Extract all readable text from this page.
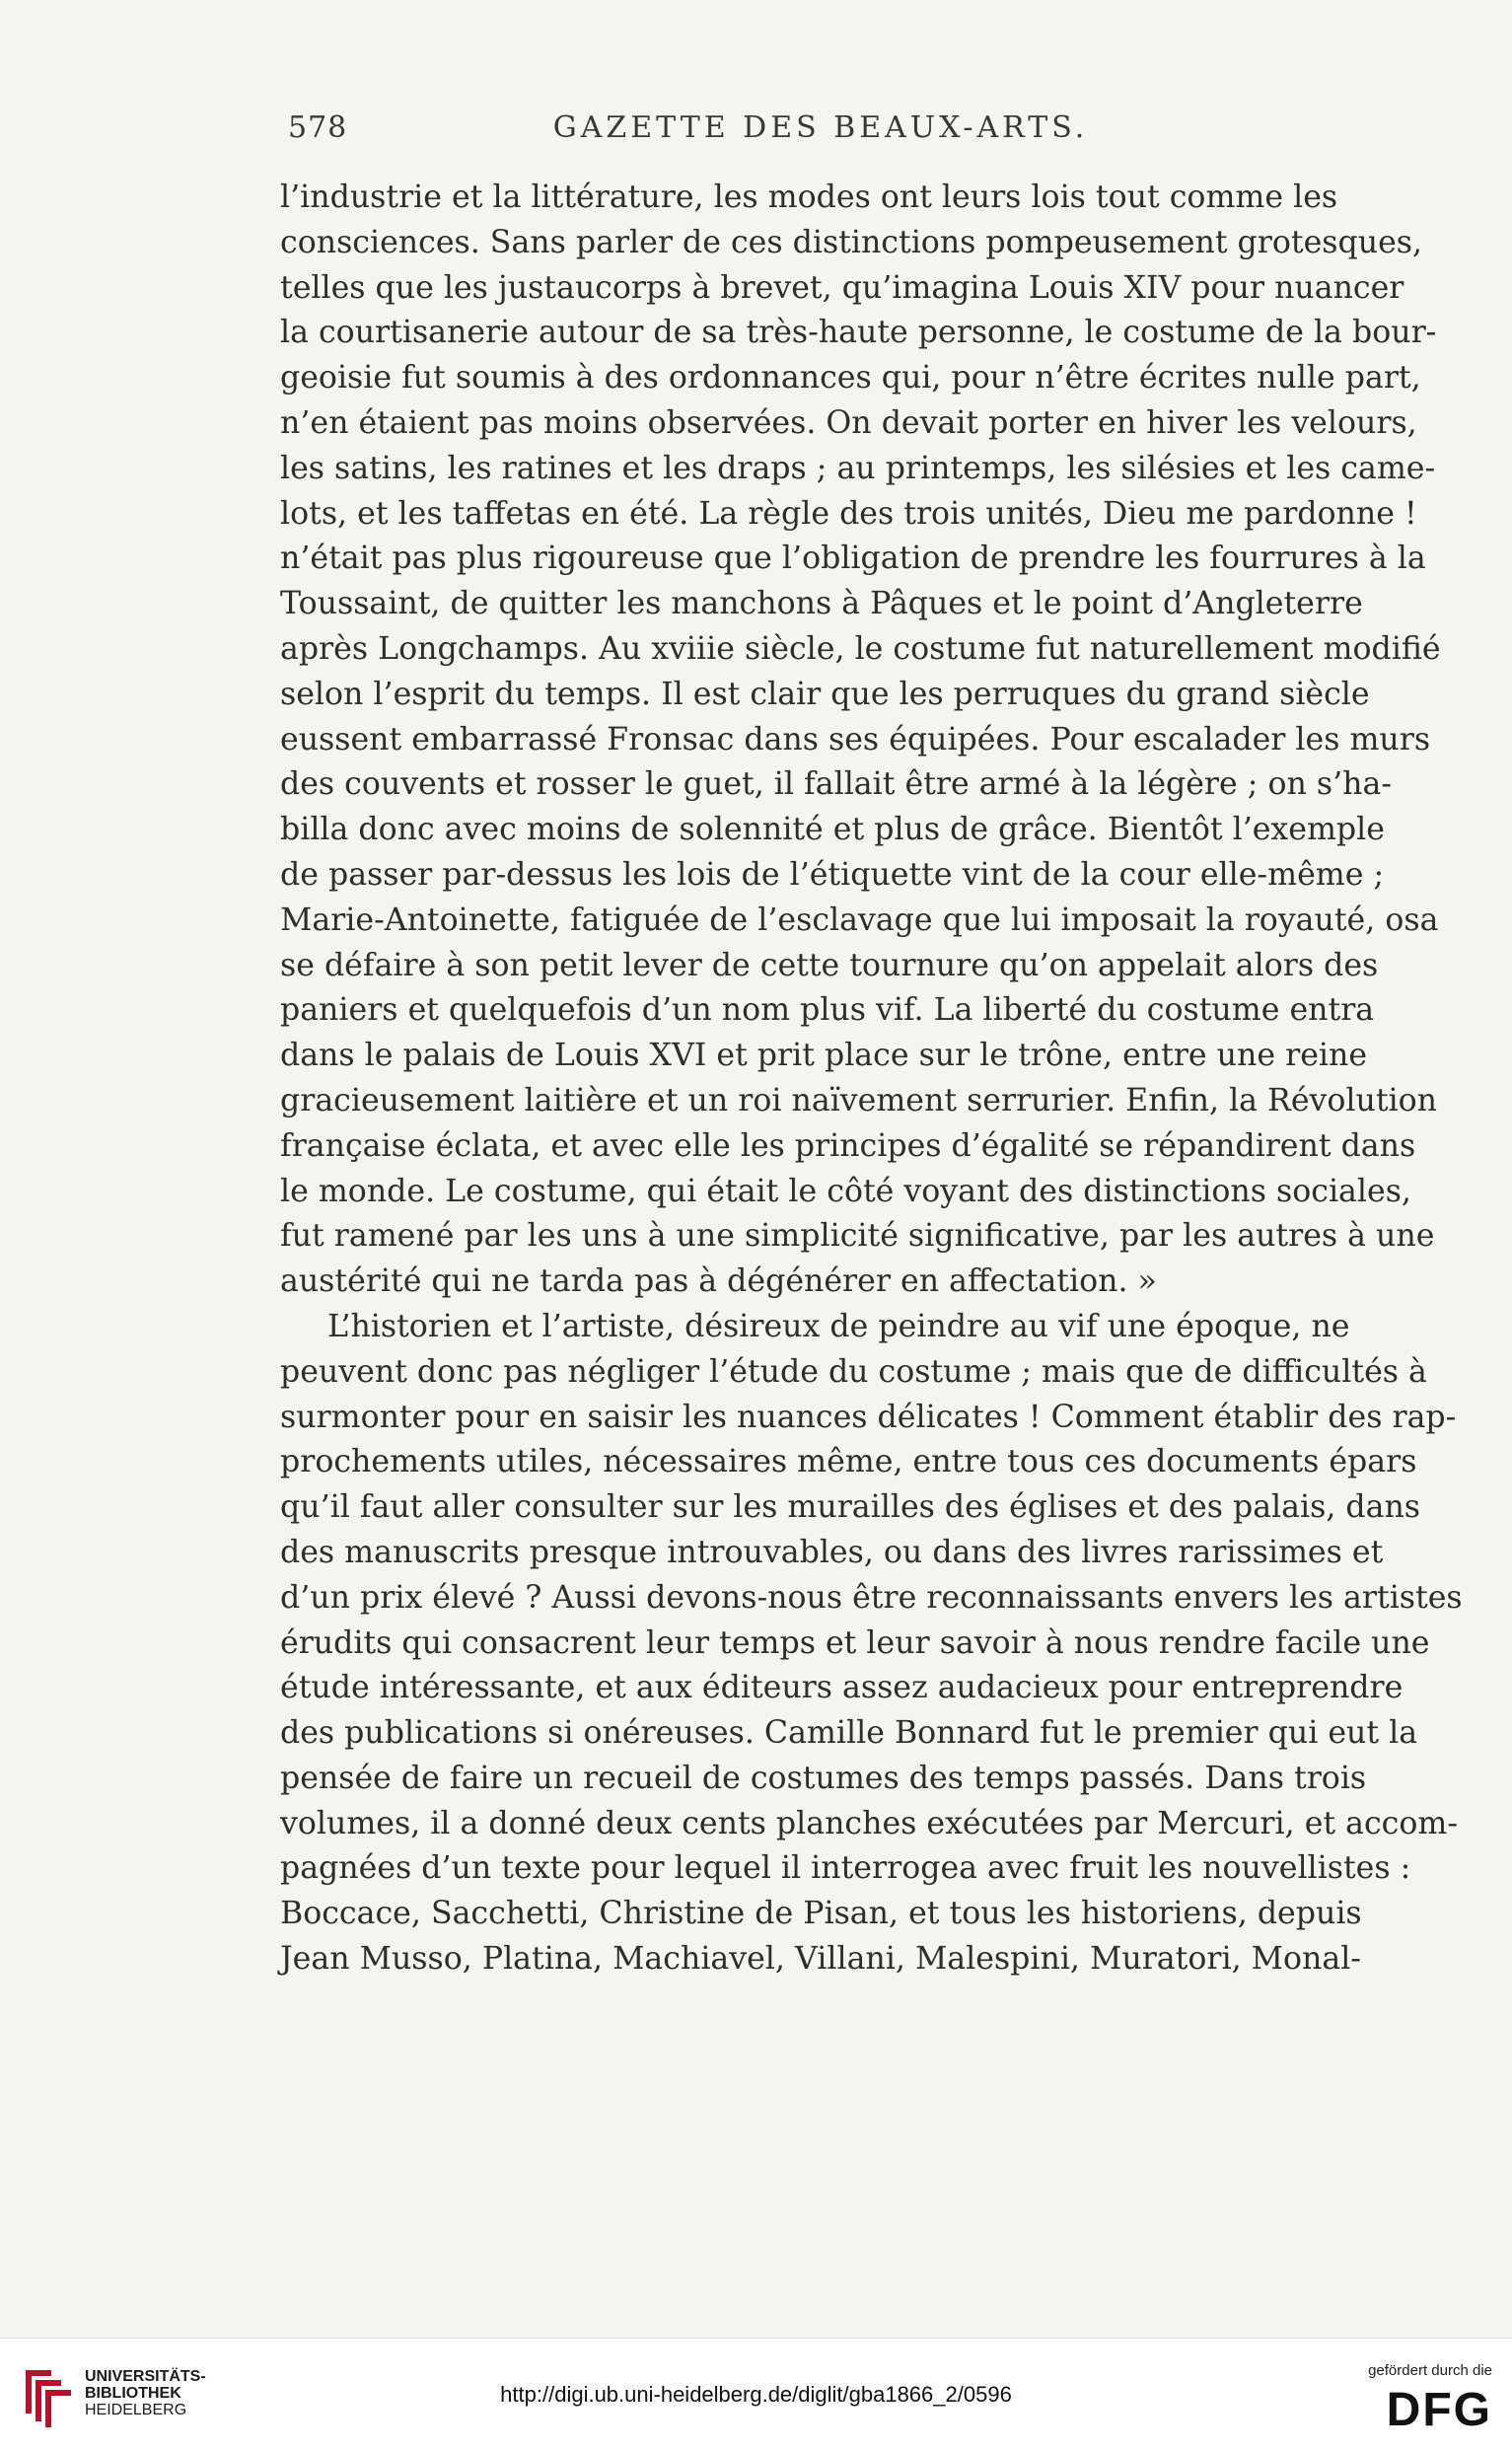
578	GAZETTE DES BEAUX-ARTS.
l’industrie et la littérature, les modes ont leurs lois tout comme les
consciences. Sans parler de ces distinctions pompeusement grotesques,
telles que les justaucorps à brevet, qu’imagina Louis XIV pour nuancer
la courtisanerie autour de sa très-haute personne, le costume de la bour-
geoisie fut soumis à des ordonnances qui, pour n’être écrites nulle part,
n’en étaient pas moins observées. On devait porter en hiver les velours,
les satins, les ratines et les draps ; au printemps, les silésies et les came-
lots, et les taffetas en été. La règle des trois unités, Dieu me pardonne !
n’était pas plus rigoureuse que l’obligation de prendre les fourrures à la
Toussaint, de quitter les manchons à Pâques et le point d’Angleterre
après Longchamps. Au xviiie siècle, le costume fut naturellement modifié
selon l’esprit du temps. Il est clair que les perruques du grand siècle
eussent embarrassé Fronsac dans ses équipées. Pour escalader les murs
des couvents et rosser le guet, il fallait être armé à la légère ; on s’ha-
billa donc avec moins de solennité et plus de grâce. Bientôt l’exemple
de passer par-dessus les lois de l’étiquette vint de la cour elle-même ;
Marie-Antoinette, fatiguée de l’esclavage que lui imposait la royauté, osa
se défaire à son petit lever de cette tournure qu’on appelait alors des
paniers et quelquefois d’un nom plus vif. La liberté du costume entra
dans le palais de Louis XVI et prit place sur le trône, entre une reine
gracieusement laitière et un roi naïvement serrurier. Enfin, la Révolution
française éclata, et avec elle les principes d’égalité se répandirent dans
le monde. Le costume, qui était le côté voyant des distinctions sociales,
fut ramené par les uns à une simplicité significative, par les autres à une
austérité qui ne tarda pas à dégénérer en affectation. »
L’historien et l’artiste, désireux de peindre au vif une époque, ne
peuvent donc pas négliger l’étude du costume ; mais que de difficultés à
surmonter pour en saisir les nuances délicates ! Comment établir des rap-
prochements utiles, nécessaires même, entre tous ces documents épars
qu’il faut aller consulter sur les murailles des églises et des palais, dans
des manuscrits presque introuvables, ou dans des livres rarissimes et
d’un prix élevé ? Aussi devons-nous être reconnaissants envers les artistes
érudits qui consacrent leur temps et leur savoir à nous rendre facile une
étude intéressante, et aux éditeurs assez audacieux pour entreprendre
des publications si onéreuses. Camille Bonnard fut le premier qui eut la
pensée de faire un recueil de costumes des temps passés. Dans trois
volumes, il a donné deux cents planches exécutées par Mercuri, et accom-
pagnées d’un texte pour lequel il interrogea avec fruit les nouvellistes :
Boccace, Sacchetti, Christine de Pisan, et tous les historiens, depuis
Jean Musso, Platina, Machiavel, Villani, Malespini, Muratori, Monal-
UNIVERSITÄTS-
BIBLIOTHEK
HEIDELBERG
http://digi.ub.uni-heidelberg.de/diglit/gba1866_2/0596
gefördert durch die
DFG
